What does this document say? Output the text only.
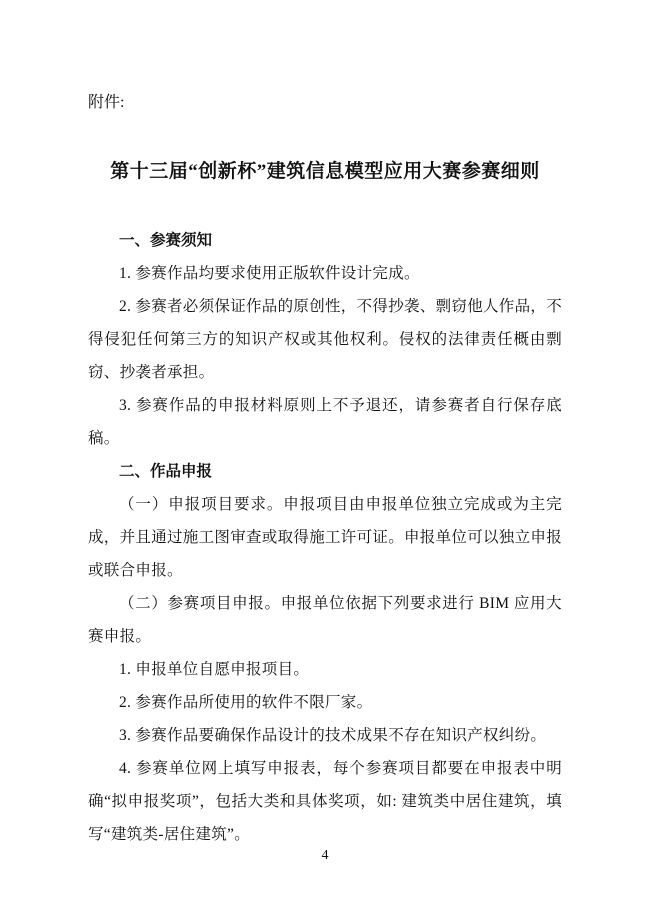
附件:
第十三届“创新杯”建筑信息模型应用大赛参赛细则
一、参赛须知

1. 参赛作品均要求使用正版软件设计完成。

2. 参赛者必须保证作品的原创性，不得抄袭、剽窃他人作品，不得侵犯任何第三方的知识产权或其他权利。侵权的法律责任概由剽窃、抄袭者承担。

3. 参赛作品的申报材料原则上不予退还，请参赛者自行保存底稿。

二、作品申报

（一）申报项目要求。申报项目由申报单位独立完成或为主完成，并且通过施工图审查或取得施工许可证。申报单位可以独立申报或联合申报。

（二）参赛项目申报。申报单位依据下列要求进行 BIM 应用大赛申报。

1. 申报单位自愿申报项目。

2. 参赛作品所使用的软件不限厂家。

3. 参赛作品要确保作品设计的技术成果不存在知识产权纠纷。

4. 参赛单位网上填写申报表，每个参赛项目都要在申报表中明确“拟申报奖项”，包括大类和具体奖项，如: 建筑类中居住建筑，填写“建筑类-居住建筑”。

4
